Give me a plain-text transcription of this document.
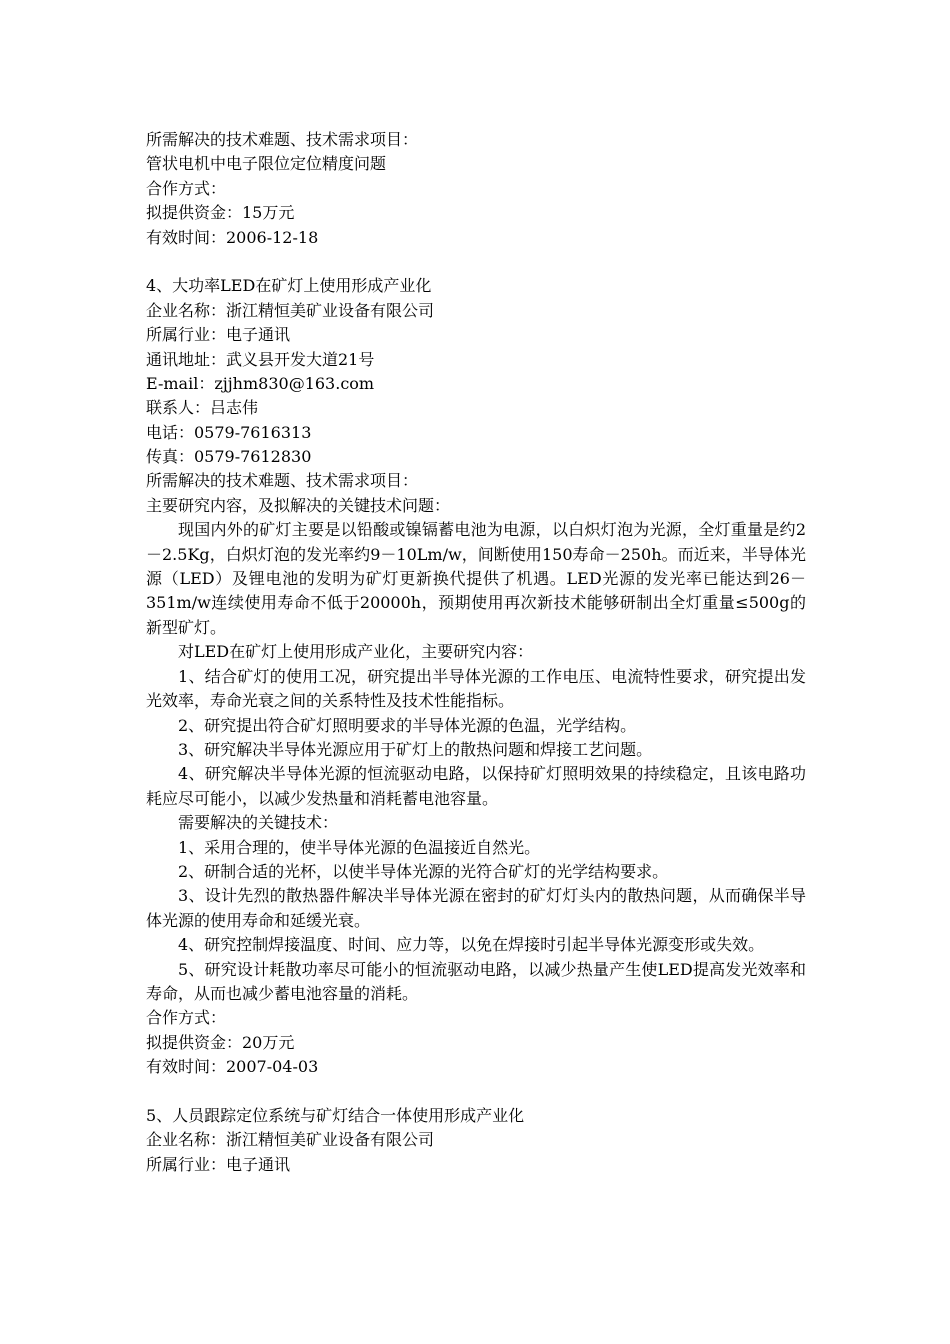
所需解决的技术难题、技术需求项目：
管状电机中电子限位定位精度问题
合作方式：
拟提供资金：15万元
有效时间：2006-12-18
4、大功率LED在矿灯上使用形成产业化
企业名称：浙江精恒美矿业设备有限公司
所属行业：电子通讯
通讯地址：武义县开发大道21号
E-mail：zjjhm830@163.com
联系人：吕志伟
电话：0579-7616313
传真：0579-7612830
所需解决的技术难题、技术需求项目：
主要研究内容，及拟解决的关键技术问题：
现国内外的矿灯主要是以铅酸或镍镉蓄电池为电源，以白炽灯泡为光源，全灯重量是约2－2.5Kg，白炽灯泡的发光率约9－10Lm/w，间断使用150寿命－250h。而近来，半导体光源（LED）及锂电池的发明为矿灯更新换代提供了机遇。LED光源的发光率已能达到26－351m/w连续使用寿命不低于20000h，预期使用再次新技术能够研制出全灯重量≤500g的新型矿灯。
对LED在矿灯上使用形成产业化，主要研究内容：
1、结合矿灯的使用工况，研究提出半导体光源的工作电压、电流特性要求，研究提出发光效率，寿命光衰之间的关系特性及技术性能指标。
2、研究提出符合矿灯照明要求的半导体光源的色温，光学结构。
3、研究解决半导体光源应用于矿灯上的散热问题和焊接工艺问题。
4、研究解决半导体光源的恒流驱动电路，以保持矿灯照明效果的持续稳定，且该电路功耗应尽可能小，以减少发热量和消耗蓄电池容量。
需要解决的关键技术：
1、采用合理的，使半导体光源的色温接近自然光。
2、研制合适的光杯，以使半导体光源的光符合矿灯的光学结构要求。
3、设计先烈的散热器件解决半导体光源在密封的矿灯灯头内的散热问题，从而确保半导体光源的使用寿命和延缓光衰。
4、研究控制焊接温度、时间、应力等，以免在焊接时引起半导体光源变形或失效。
5、研究设计耗散功率尽可能小的恒流驱动电路，以减少热量产生使LED提高发光效率和寿命，从而也减少蓄电池容量的消耗。
合作方式：
拟提供资金：20万元
有效时间：2007-04-03
5、人员跟踪定位系统与矿灯结合一体使用形成产业化
企业名称：浙江精恒美矿业设备有限公司
所属行业：电子通讯
